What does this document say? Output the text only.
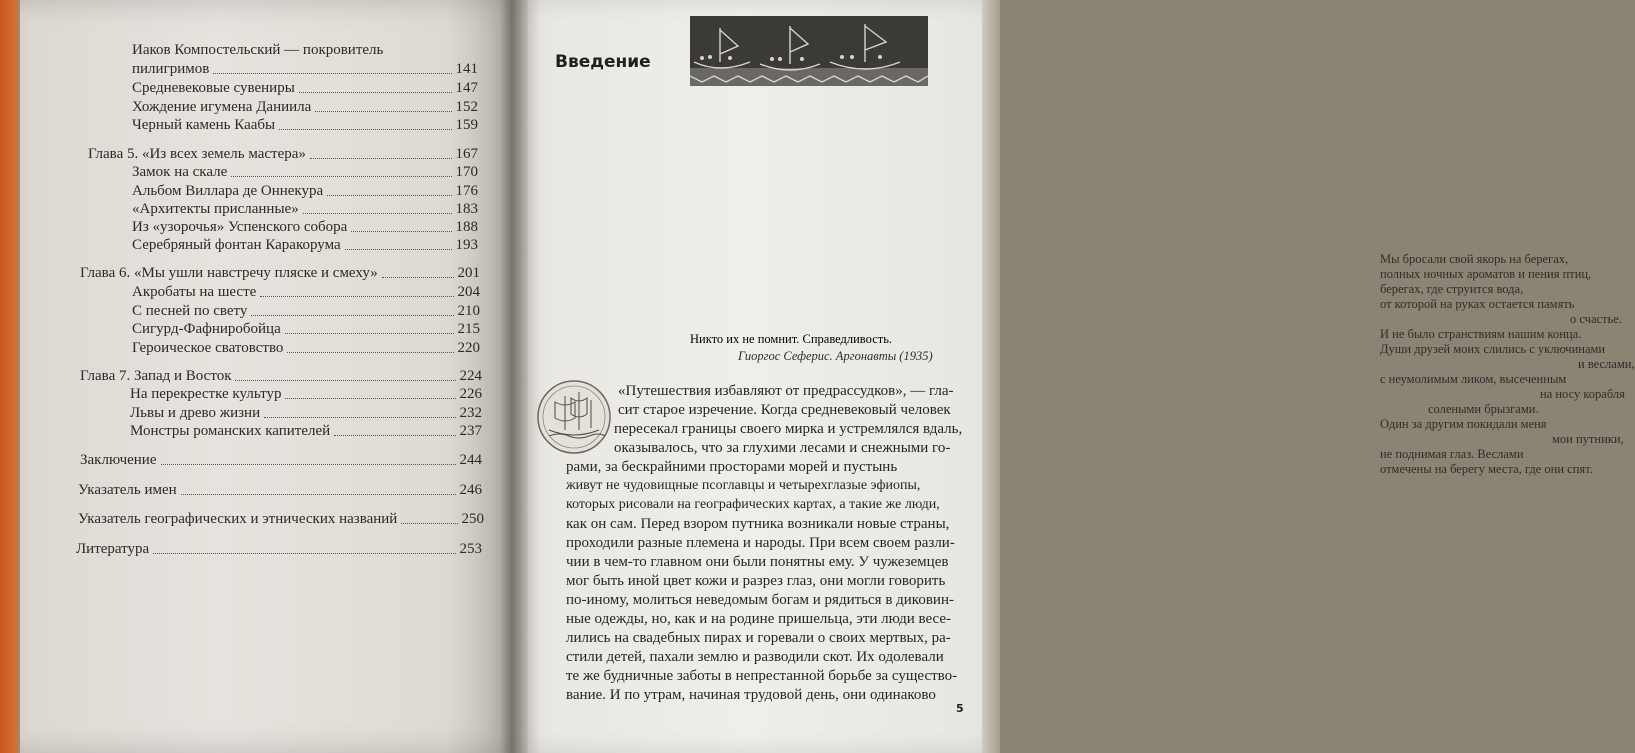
Иаков Компостельский — покровитель
пилигримов	141
Средневековые сувениры	147
Хождение игумена Даниила	152
Черный камень Каабы	159
Глава 5. «Из всех земель мастера»	167
Замок на скале	170
Альбом Виллара де Оннекура	176
«Архитекты присланные»	183
Из «узорочья» Успенского собора	188
Серебряный фонтан Каракорума	193
Глава 6. «Мы ушли навстречу пляске и смеху»	201
Акробаты на шесте	204
С песней по свету	210
Сигурд-Фафниробойца	215
Героическое сватовство	220
Глава 7. Запад и Восток	224
На перекрестке культур	226
Львы и древо жизни	232
Монстры романских капителей	237
Заключение	244
Указатель имен	246
Указатель географических и этнических названий	250
Литература	253
Введение
Мы бросали свой якорь на берегах,
полных ночных ароматов и пения птиц,
берегах, где струится вода,
от которой на руках остается память
о счастье.
И не было странствиям нашим конца.
Души друзей моих слились с уключинами
и веслами,
с неумолимым ликом, высеченным
на носу корабля
солеными брызгами.
Один за другим покидали меня
мои путники,
не поднимая глаз. Веслами
отмечены на берегу места, где они спят.
Никто их не помнит. Справедливость.
Гиоргос Сеферис. Аргонавты (1935)
«Путешествия избавляют от предрассудков», — гла-
сит старое изречение. Когда средневековый человек
пересекал границы своего мирка и устремлялся вдаль,
оказывалось, что за глухими лесами и снежными го-
рами, за бескрайними просторами морей и пустынь
живут не чудовищные псоглавцы и четырехглазые эфиопы,
которых рисовали на географических картах, а такие же люди,
как он сам. Перед взором путника возникали новые страны,
проходили разные племена и народы. При всем своем разли-
чии в чем-то главном они были понятны ему. У чужеземцев
мог быть иной цвет кожи и разрез глаз, они могли говорить
по-иному, молиться неведомым богам и рядиться в диковин-
ные одежды, но, как и на родине пришельца, эти люди весе-
лились на свадебных пирах и горевали о своих мертвых, ра-
стили детей, пахали землю и разводили скот. Их одолевали
те же будничные заботы в непрестанной борьбе за существо-
вание. И по утрам, начиная трудовой день, они одинаково
5
